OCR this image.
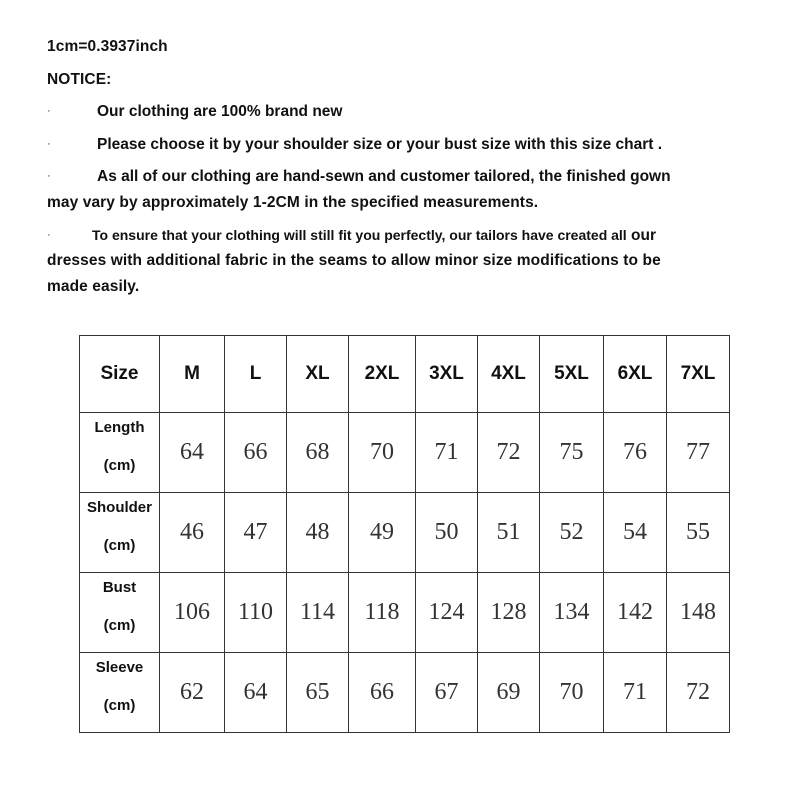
1cm=0.3937inch
NOTICE:
·	Our clothing are 100% brand new
·	Please choose it by your shoulder size or your bust size with this size chart .
·	As all of our clothing are hand-sewn and customer tailored, the finished gown
may vary by approximately 1-2CM in the specified measurements.
·	To ensure that your clothing will still fit you perfectly, our tailors have created all our
dresses with additional fabric in the seams to allow minor size modifications to be
made easily.
Size	M	L	XL	2XL	3XL	4XL	5XL	6XL	7XL

Length
(cm)	64	66	68	70	71	72	75	76	77

Shoulder
(cm)	46	47	48	49	50	51	52	54	55

Bust
(cm)	106	110	114	118	124	128	134	142	148

Sleeve
(cm)	62	64	65	66	67	69	70	71	72
